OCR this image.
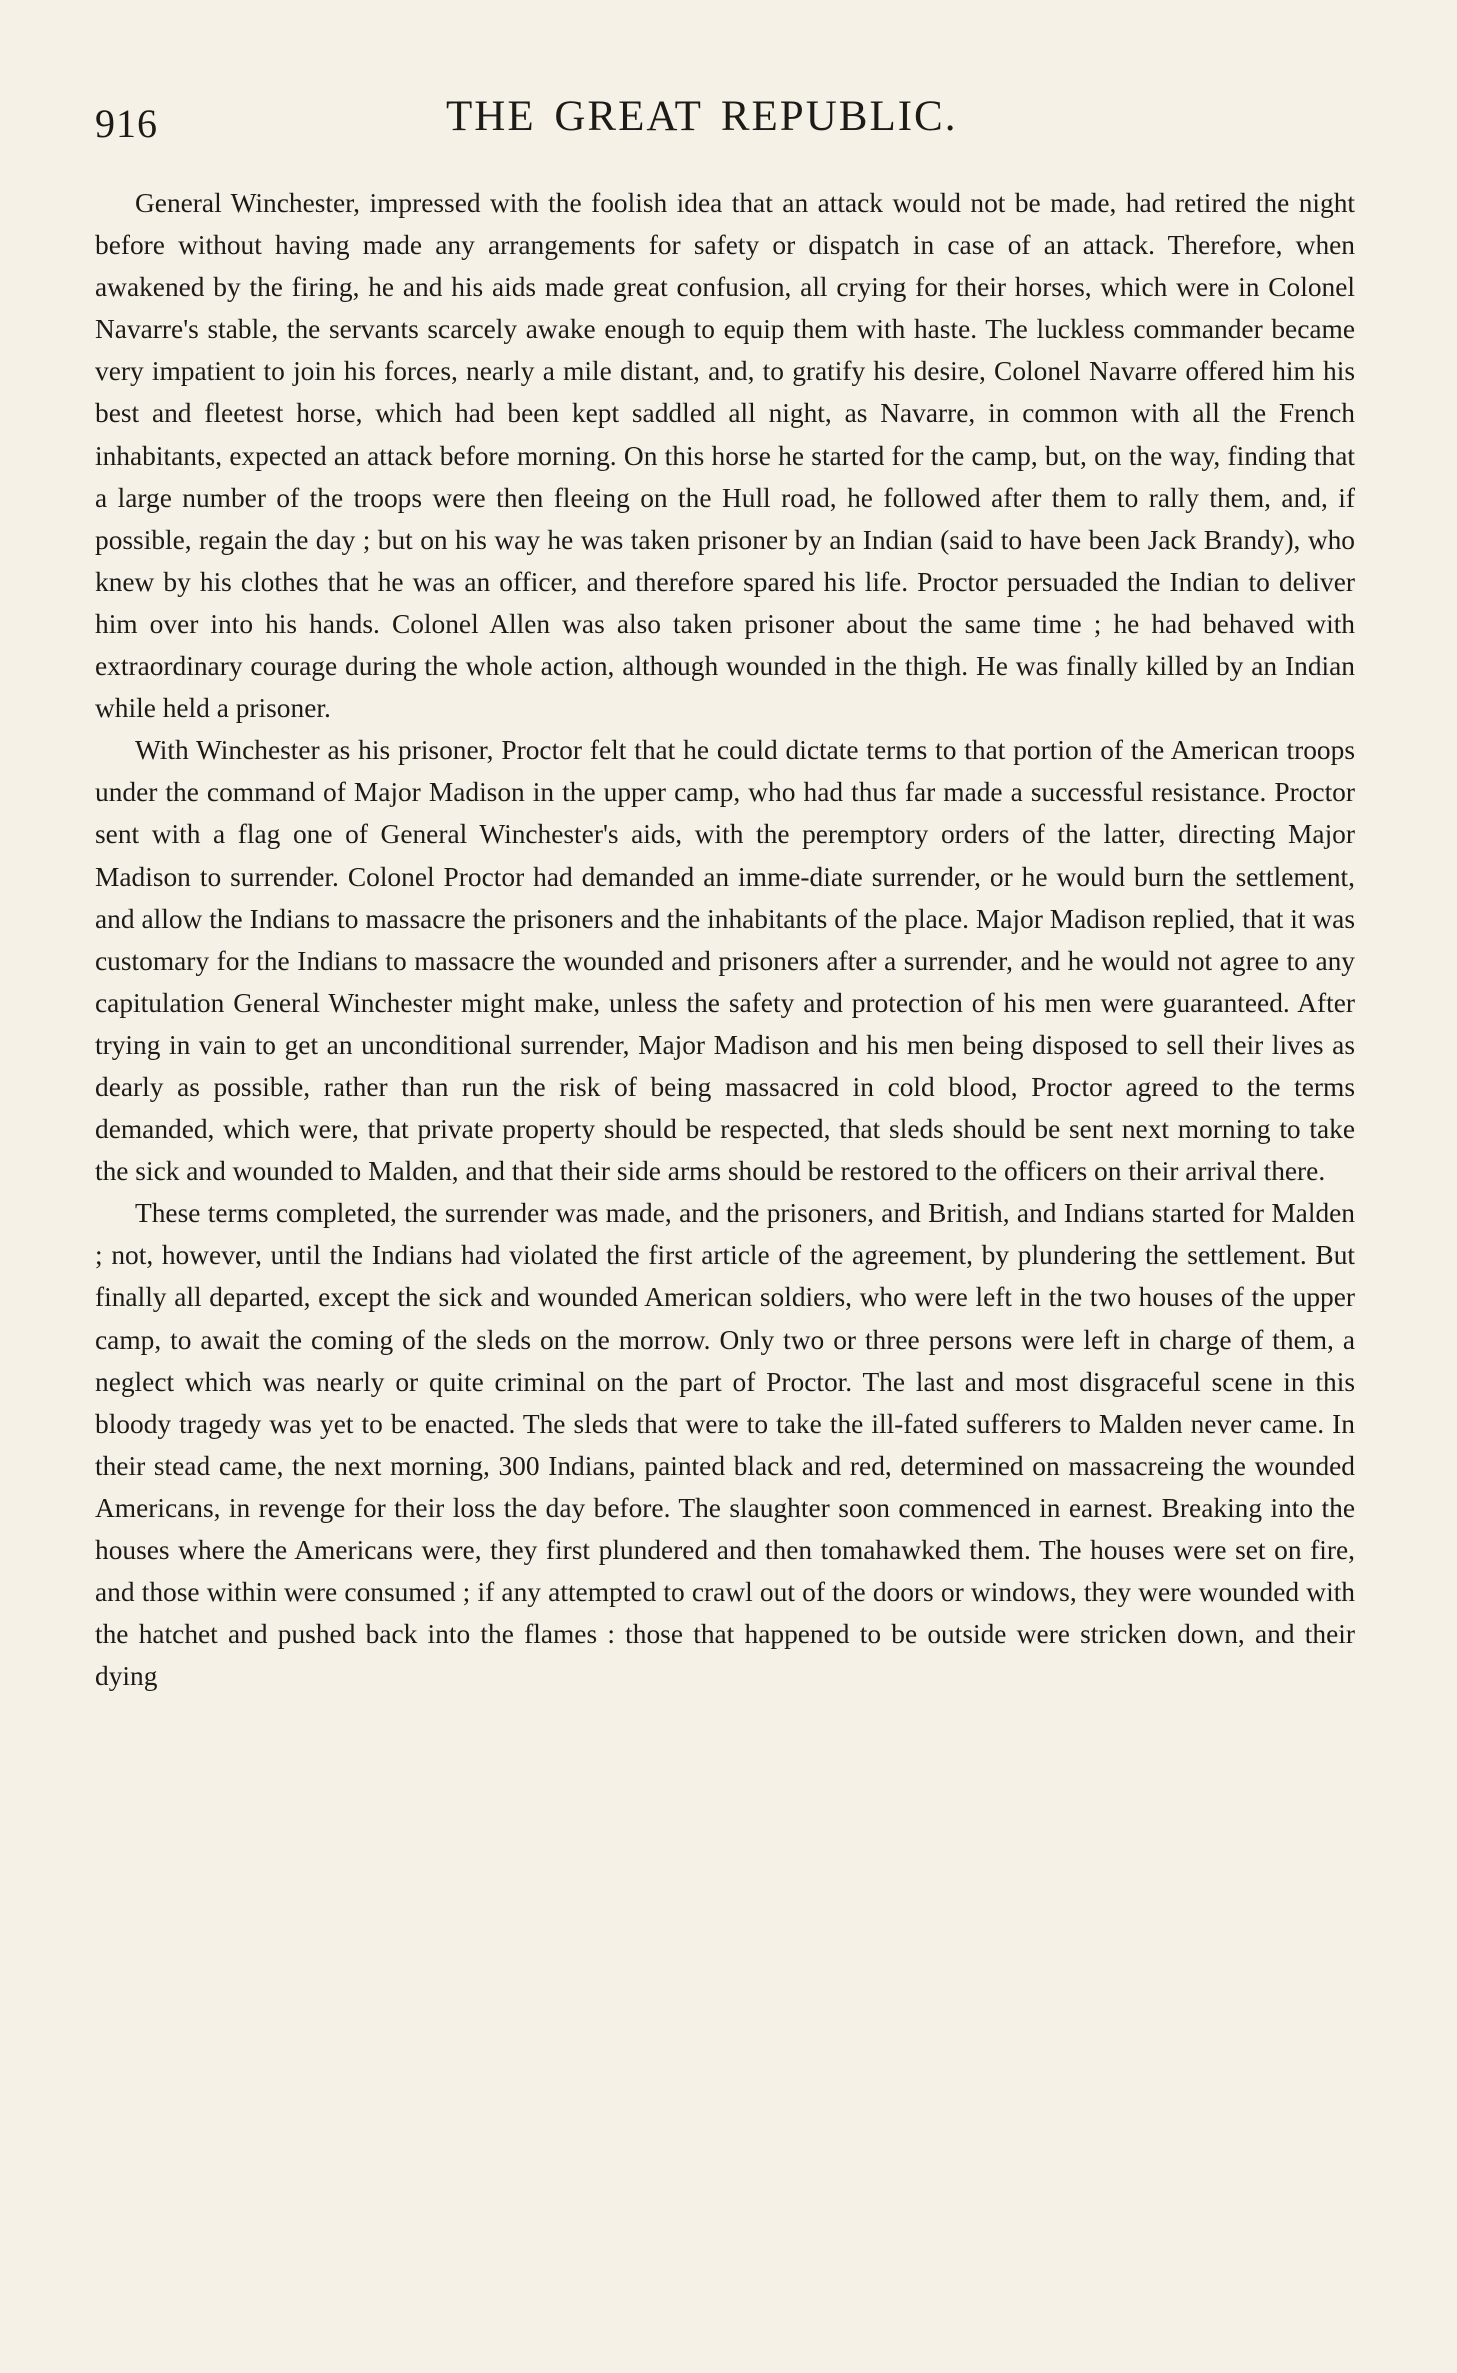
916	THE GREAT REPUBLIC.

General Winchester, impressed with the foolish idea that an attack would not be made, had retired the night before without having made any arrangements for safety or dispatch in case of an attack. Therefore, when awakened by the firing, he and his aids made great confusion, all crying for their horses, which were in Colonel Navarre's stable, the servants scarcely awake enough to equip them with haste. The luckless commander became very impatient to join his forces, nearly a mile distant, and, to gratify his desire, Colonel Navarre offered him his best and fleetest horse, which had been kept saddled all night, as Navarre, in common with all the French inhabitants, expected an attack before morning. On this horse he started for the camp, but, on the way, finding that a large number of the troops were then fleeing on the Hull road, he followed after them to rally them, and, if possible, regain the day ; but on his way he was taken prisoner by an Indian (said to have been Jack Brandy), who knew by his clothes that he was an officer, and therefore spared his life. Proctor persuaded the Indian to deliver him over into his hands. Colonel Allen was also taken prisoner about the same time ; he had behaved with extraordinary courage during the whole action, although wounded in the thigh. He was finally killed by an Indian while held a prisoner.

With Winchester as his prisoner, Proctor felt that he could dictate terms to that portion of the American troops under the command of Major Madison in the upper camp, who had thus far made a successful resistance. Proctor sent with a flag one of General Winchester's aids, with the peremptory orders of the latter, directing Major Madison to surrender. Colonel Proctor had demanded an imme-diate surrender, or he would burn the settlement, and allow the Indians to massacre the prisoners and the inhabitants of the place. Major Madison replied, that it was customary for the Indians to massacre the wounded and prisoners after a surrender, and he would not agree to any capitulation General Winchester might make, unless the safety and protection of his men were guaranteed. After trying in vain to get an unconditional surrender, Major Madison and his men being disposed to sell their lives as dearly as possible, rather than run the risk of being massacred in cold blood, Proctor agreed to the terms demanded, which were, that private property should be respected, that sleds should be sent next morning to take the sick and wounded to Malden, and that their side arms should be restored to the officers on their arrival there.

These terms completed, the surrender was made, and the prisoners, and British, and Indians started for Malden ; not, however, until the Indians had violated the first article of the agreement, by plundering the settlement. But finally all departed, except the sick and wounded American soldiers, who were left in the two houses of the upper camp, to await the coming of the sleds on the morrow. Only two or three persons were left in charge of them, a neglect which was nearly or quite criminal on the part of Proctor. The last and most disgraceful scene in this bloody tragedy was yet to be enacted. The sleds that were to take the ill-fated sufferers to Malden never came. In their stead came, the next morning, 300 Indians, painted black and red, determined on massacreing the wounded Americans, in revenge for their loss the day before. The slaughter soon commenced in earnest. Breaking into the houses where the Americans were, they first plundered and then tomahawked them. The houses were set on fire, and those within were consumed ; if any attempted to crawl out of the doors or windows, they were wounded with the hatchet and pushed back into the flames : those that happened to be outside were stricken down, and their dying
